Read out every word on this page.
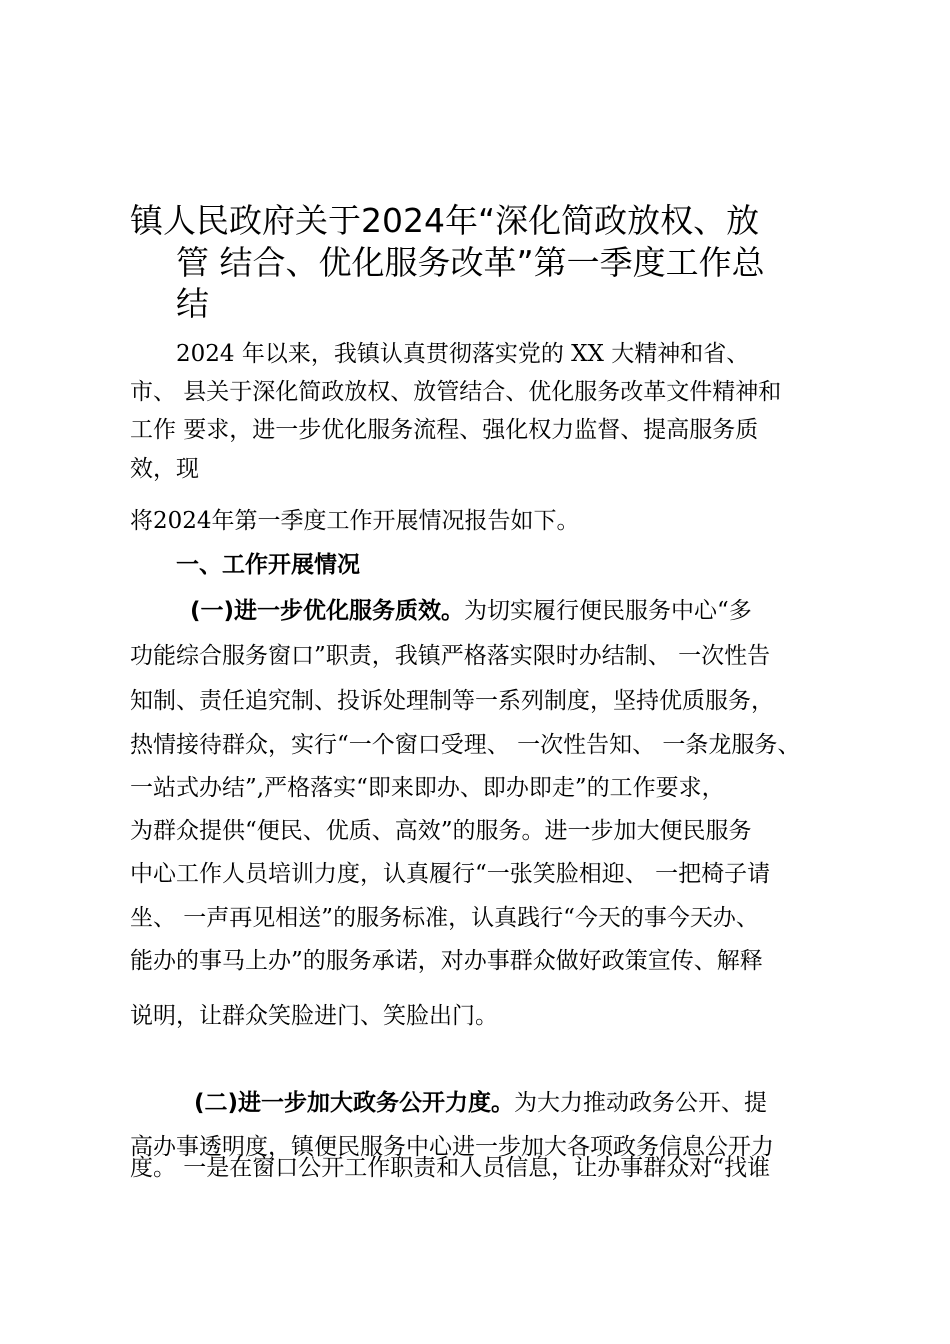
镇人民政府关于2024年“深化简政放权、放
管 结合、优化服务改革”第一季度工作总
结
2024 年以来，我镇认真贯彻落实党的 XX 大精神和省、
市、 县关于深化简政放权、放管结合、优化服务改革文件精神和
工作 要求，进一步优化服务流程、强化权力监督、提高服务质
效，现
将2024年第一季度工作开展情况报告如下。
一、工作开展情况
(一)进一步优化服务质效。为切实履行便民服务中心“多
功能综合服务窗口”职责，我镇严格落实限时办结制、 一次性告
知制、责任追究制、投诉处理制等一系列制度，坚持优质服务，
热情接待群众，实行“一个窗口受理、 一次性告知、 一条龙服务、
一站式办结”,严格落实“即来即办、即办即走”的工作要求，
为群众提供“便民、优质、高效”的服务。进一步加大便民服务
中心工作人员培训力度，认真履行“一张笑脸相迎、 一把椅子请
坐、 一声再见相送”的服务标准，认真践行“今天的事今天办、
能办的事马上办”的服务承诺，对办事群众做好政策宣传、解释
说明，让群众笑脸进门、笑脸出门。
(二)进一步加大政务公开力度。为大力推动政务公开、提
高办事透明度，镇便民服务中心进一步加大各项政务信息公开力
度。 一是在窗口公开工作职责和人员信息，让办事群众对“找谁
